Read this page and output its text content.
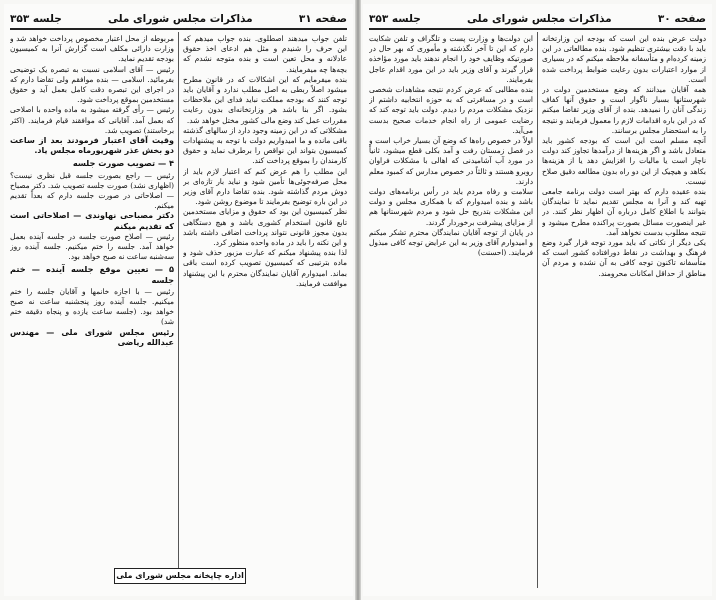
صفحه ۳۱
مذاکرات مجلس شورای ملی
جلسه ۳۵۳

تلفن جواب میدهند اصطلوی. بنده جواب میدهم که این حرف را شنیدم و مثل هم ادعای اخذ حقوق عادلانه و محل تعین است و بنده متوجه نشدم که بچه‌ها چه میفرمایند.

بنده میفرمایم که این اشکالات که در قانون مطرح میشود اصلاً ربطی به اصل مطلب ندارد و آقایان باید توجه کنند که بودجه مملکت نباید فدای این ملاحظات بشود. اگر بنا باشد هر وزارتخانه‌ای بدون رعایت مقررات عمل کند وضع مالی کشور مختل خواهد شد.

مشکلاتی که در این زمینه وجود دارد از سالهای گذشته باقی مانده و ما امیدواریم دولت با توجه به پیشنهادات کمیسیون بتواند این نواقص را برطرف نماید و حقوق کارمندان را بموقع پرداخت کند.

این مطلب را هم عرض کنم که اعتبار لازم باید از محل صرفه‌جوئی‌ها تأمین شود و نباید بار تازه‌ای بر دوش مردم گذاشته شود. بنده تقاضا دارم آقای وزیر در این باره توضیح بفرمایند تا موضوع روشن شود.

نظر کمیسیون این بود که حقوق و مزایای مستخدمین تابع قانون استخدام کشوری باشد و هیچ دستگاهی بدون مجوز قانونی نتواند پرداخت اضافی داشته باشد و این نکته را باید در ماده واحده منظور کرد.

لذا بنده پیشنهاد میکنم که عبارت مزبور حذف شود و ماده بترتیبی که کمیسیون تصویب کرده است باقی بماند. امیدوارم آقایان نمایندگان محترم با این پیشنهاد موافقت فرمایند.

مربوطه از محل اعتبار مخصوص پرداخت خواهد شد و وزارت دارائی مکلف است گزارش آنرا به کمیسیون بودجه تقدیم نماید.

رئیس — آقای اسلامی نسبت به تبصره یک توضیحی بفرمائید. اسلامی — بنده موافقم ولی تقاضا دارم که در اجرای این تبصره دقت کامل بعمل آید و حقوق مستخدمین بموقع پرداخت شود.

رئیس — رأی گرفته میشود به ماده واحده با اصلاحی که بعمل آمد. آقایانی که موافقند قیام فرمایند. (اکثر برخاستند) تصویب شد.

وقیت آقای اعتبار فرمودند بعد از ساعت دو بخش عذر شهریورماه مجلس یاد.

۴ — تصویب صورت جلسه

رئیس — راجع بصورت جلسه قبل نظری نیست؟ (اظهاری نشد) صورت جلسه تصویب شد. دکتر مصباح — اصلاحاتی در صورت جلسه دارم که بعداً تقدیم میکنم.

دکتر مصباحی نهاوندی — اصلاحاتی است که تقدیم میکنم

رئیس — اصلاح صورت جلسه در جلسه آینده بعمل خواهد آمد. جلسه را ختم میکنیم. جلسه آینده روز سه‌شنبه ساعت نه صبح خواهد بود.

۵ — تعیین موقع جلسه آینده — ختم جلسه

رئیس — با اجازه خانمها و آقایان جلسه را ختم میکنیم. جلسه آینده روز پنجشنبه ساعت نه صبح خواهد بود. (جلسه ساعت یازده و پنجاه دقیقه ختم شد)

رئیس مجلس شورای ملی — مهندس عبدالله ریاضی

اداره چاپخانه مجلس شورای ملی
صفحه ۳۰
مذاکرات مجلس شورای ملی
جلسه ۳۵۳

دولت عرض بنده این است که بودجه این وزارتخانه باید با دقت بیشتری تنظیم شود. بنده مطالعاتی در این زمینه کرده‌ام و متأسفانه ملاحظه میکنم که در بسیاری از موارد اعتبارات بدون رعایت ضوابط پرداخت شده است.

همه آقایان میدانند که وضع مستخدمین دولت در شهرستانها بسیار ناگوار است و حقوق آنها کفاف زندگی آنان را نمیدهد. بنده از آقای وزیر تقاضا میکنم که در این باره اقدامات لازم را معمول فرمایند و نتیجه را به استحضار مجلس برسانند.

آنچه مسلم است این است که بودجه کشور باید متعادل باشد و اگر هزینه‌ها از درآمدها تجاوز کند دولت ناچار است یا مالیات را افزایش دهد یا از هزینه‌ها بکاهد و هیچیک از این دو راه بدون مطالعه دقیق صلاح نیست.

بنده عقیده دارم که بهتر است دولت برنامه جامعی تهیه کند و آنرا به مجلس تقدیم نماید تا نمایندگان بتوانند با اطلاع کامل درباره آن اظهار نظر کنند. در غیر اینصورت مسائل بصورت پراکنده مطرح میشود و نتیجه مطلوب بدست نخواهد آمد.

یکی دیگر از نکاتی که باید مورد توجه قرار گیرد وضع فرهنگ و بهداشت در نقاط دورافتاده کشور است که متأسفانه تاکنون توجه کافی به آن نشده و مردم آن مناطق از حداقل امکانات محرومند.

این دولت‌ها و وزارت پست و تلگراف و تلفن شکایت دارم که این تا آخر نگذشته و مأموری که بهر حال در صورتیکه وظایف خود را انجام ندهند باید مورد مؤاخذه قرار گیرند و آقای وزیر باید در این مورد اقدام عاجل بفرمایند.

بنده مطالبی که عرض کردم نتیجه مشاهدات شخصی است و در مسافرتی که به حوزه انتخابیه داشتم از نزدیک مشکلات مردم را دیدم. دولت باید توجه کند که رضایت عمومی از راه انجام خدمات صحیح بدست می‌آید.

اولاً در خصوص راه‌ها که وضع آن بسیار خراب است و در فصل زمستان رفت و آمد بکلی قطع میشود، ثانیاً در مورد آب آشامیدنی که اهالی با مشکلات فراوان روبرو هستند و ثالثاً در خصوص مدارس که کمبود معلم دارند.

سلامت و رفاه مردم باید در رأس برنامه‌های دولت باشد و بنده امیدوارم که با همکاری مجلس و دولت این مشکلات بتدریج حل شود و مردم شهرستانها هم از مزایای پیشرفت برخوردار گردند.

در پایان از توجه آقایان نمایندگان محترم تشکر میکنم و امیدوارم آقای وزیر به این عرایض توجه کافی مبذول فرمایند. (احسنت)
